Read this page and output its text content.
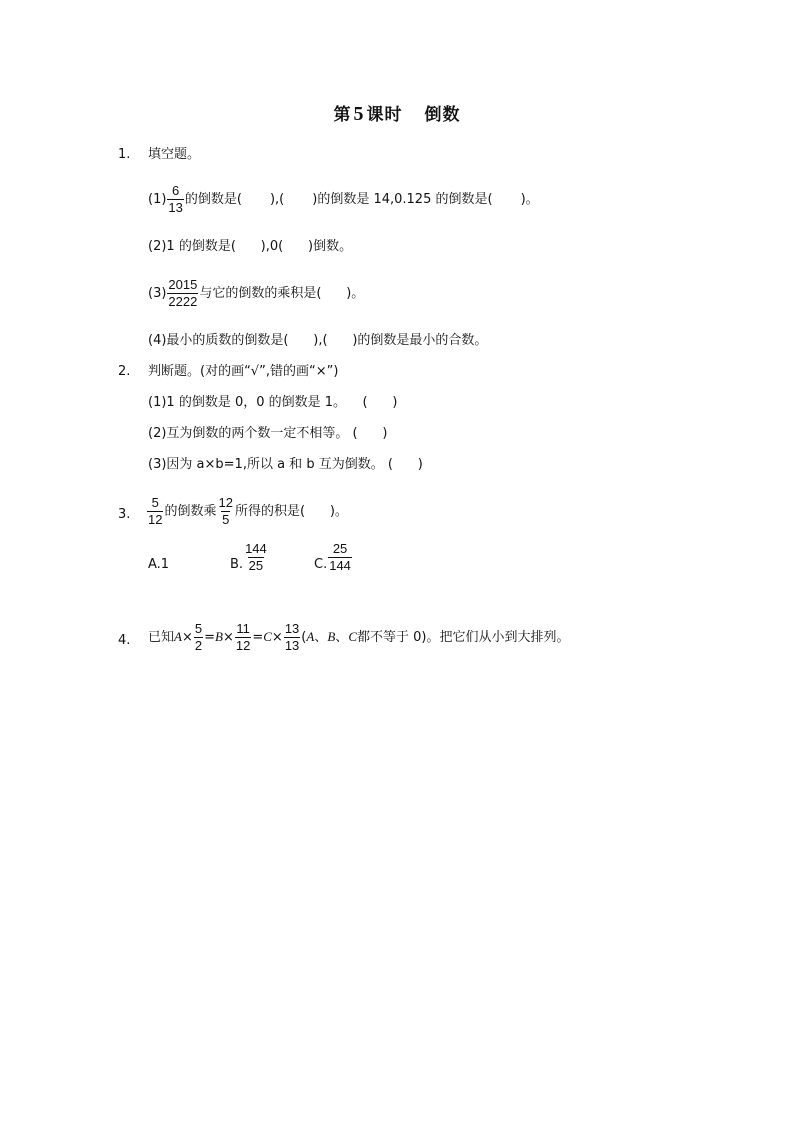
第 5 课时 倒数
1.	填空题。
$(1) \frac{6}{13}$ 的倒数是( ),( )的倒数是 14,0.125 的倒数是( )。
(2)1 的倒数是(      ),0(      )倒数。
$(3) \frac{2015}{2222}$ 与它的倒数的乘积是(      )。
(4)最小的质数的倒数是(      ),(      )的倒数是最小的合数。
2.	判断题。(对的画“√”,错的画“×”)
(1)1 的倒数是 0，0 的倒数是 1。    (      )
(2)互为倒数的两个数一定不相等。 (      )
(3)因为 a×b=1,所以 a 和 b 互为倒数。 (      )
3.	$\frac{5}{12}$ 的倒数乘 $\frac{12}{5}$ 所得的积是(      )。
A.1	B. $\frac{144}{25}$	C. $\frac{25}{144}$
4.	已知$A\times \frac{5}{2} =B\times \frac{11}{12} =C\times \frac{13}{13} (A$、B、C都不等于 0)。把它们从小到大排列。
